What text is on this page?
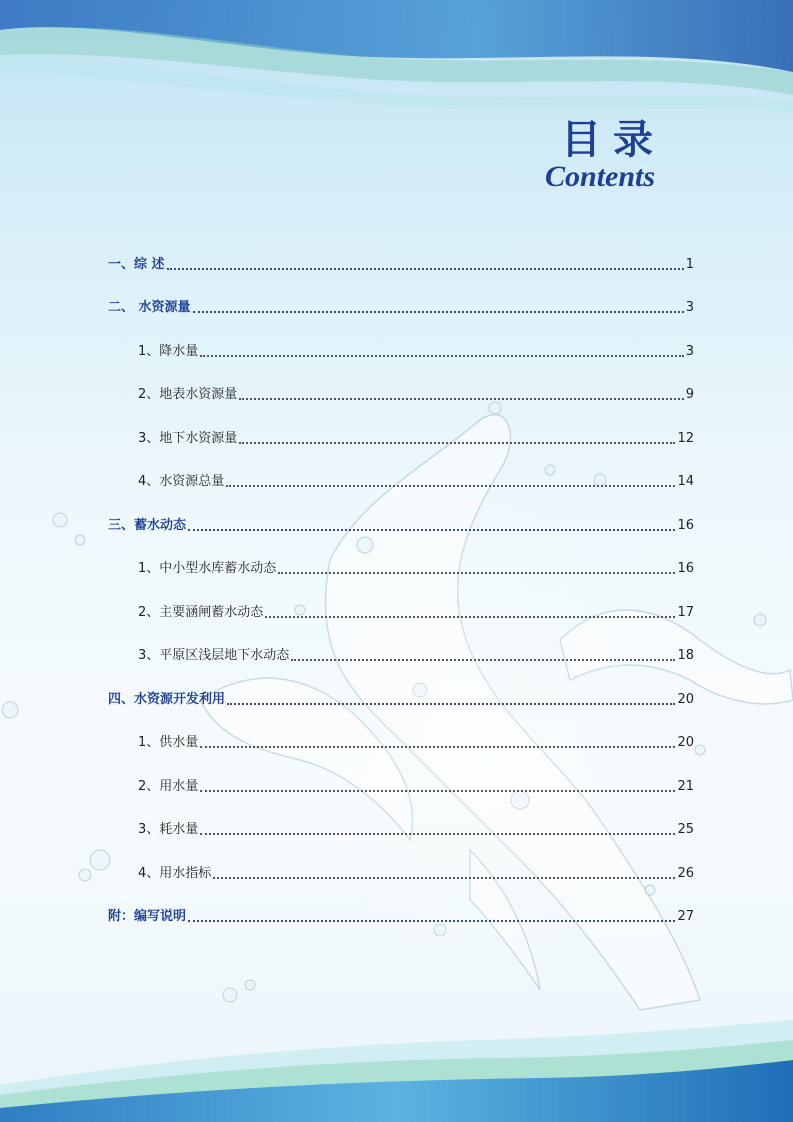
目录
Contents
一、综 述	1
二、 水资源量	3
1、降水量	3
2、地表水资源量	9
3、地下水资源量	12
4、水资源总量	14
三、蓄水动态	16
1、中小型水库蓄水动态	16
2、主要涵闸蓄水动态	17
3、平原区浅层地下水动态	18
四、水资源开发利用	20
1、供水量	20
2、用水量	21
3、耗水量	25
4、用水指标	26
附：编写说明	27
